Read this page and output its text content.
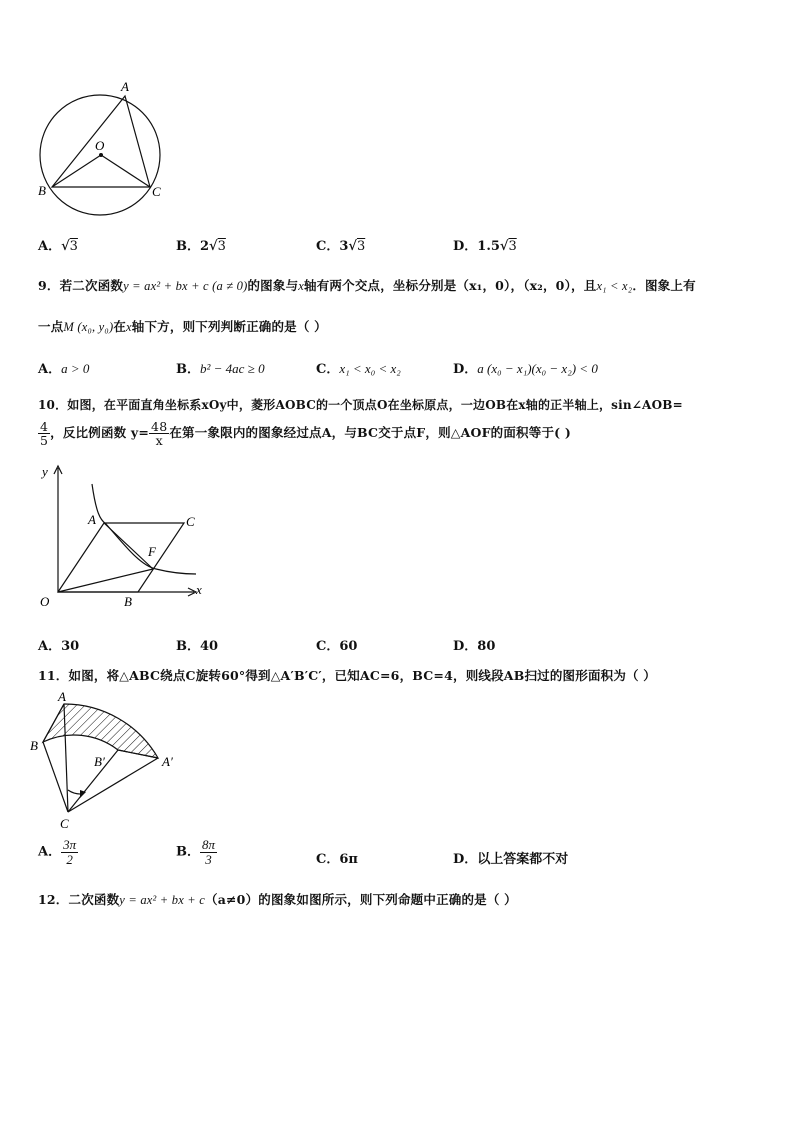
A
O
B	C
A．√3	B．2√3	C．3√3	D．1.5√3
9．若二次函数y = ax² + bx + c (a ≠ 0)的图象与x轴有两个交点，坐标分别是（x₁，0），（x₂，0），且x₁ < x₂．图象上有
一点M (x₀, y₀)在x轴下方，则下列判断正确的是（ ）
A．a > 0	B．b² − 4ac ≥ 0	C．x₁ < x₀ < x₂	D．a (x₀ − x₁)(x₀ − x₂) < 0
10．如图，在平面直角坐标系xOy中，菱形AOBC的一个顶点O在坐标原点，一边OB在x轴的正半轴上，sin∠AOB=
$\frac{4}{5}$ ，反比例函数 $y= \frac{48}{x}$ 在第一象限内的图象经过点A，与BC交于点F，则△AOF的面积等于( )
y
x
O
A	C
F
B
A．30	B．40	C．60	D．80
11．如图，将△ABC绕点C旋转60°得到△A′B′C′，已知AC=6，BC=4，则线段AB扫过的图形面积为（ ）
A
B
B′	A′
C
A． $\frac{3\pi}{2}$	B． $\frac{8\pi}{3}$	C．6π	D．以上答案都不对
12．二次函数y = ax² + bx + c（a≠0）的图象如图所示，则下列命题中正确的是（ ）
